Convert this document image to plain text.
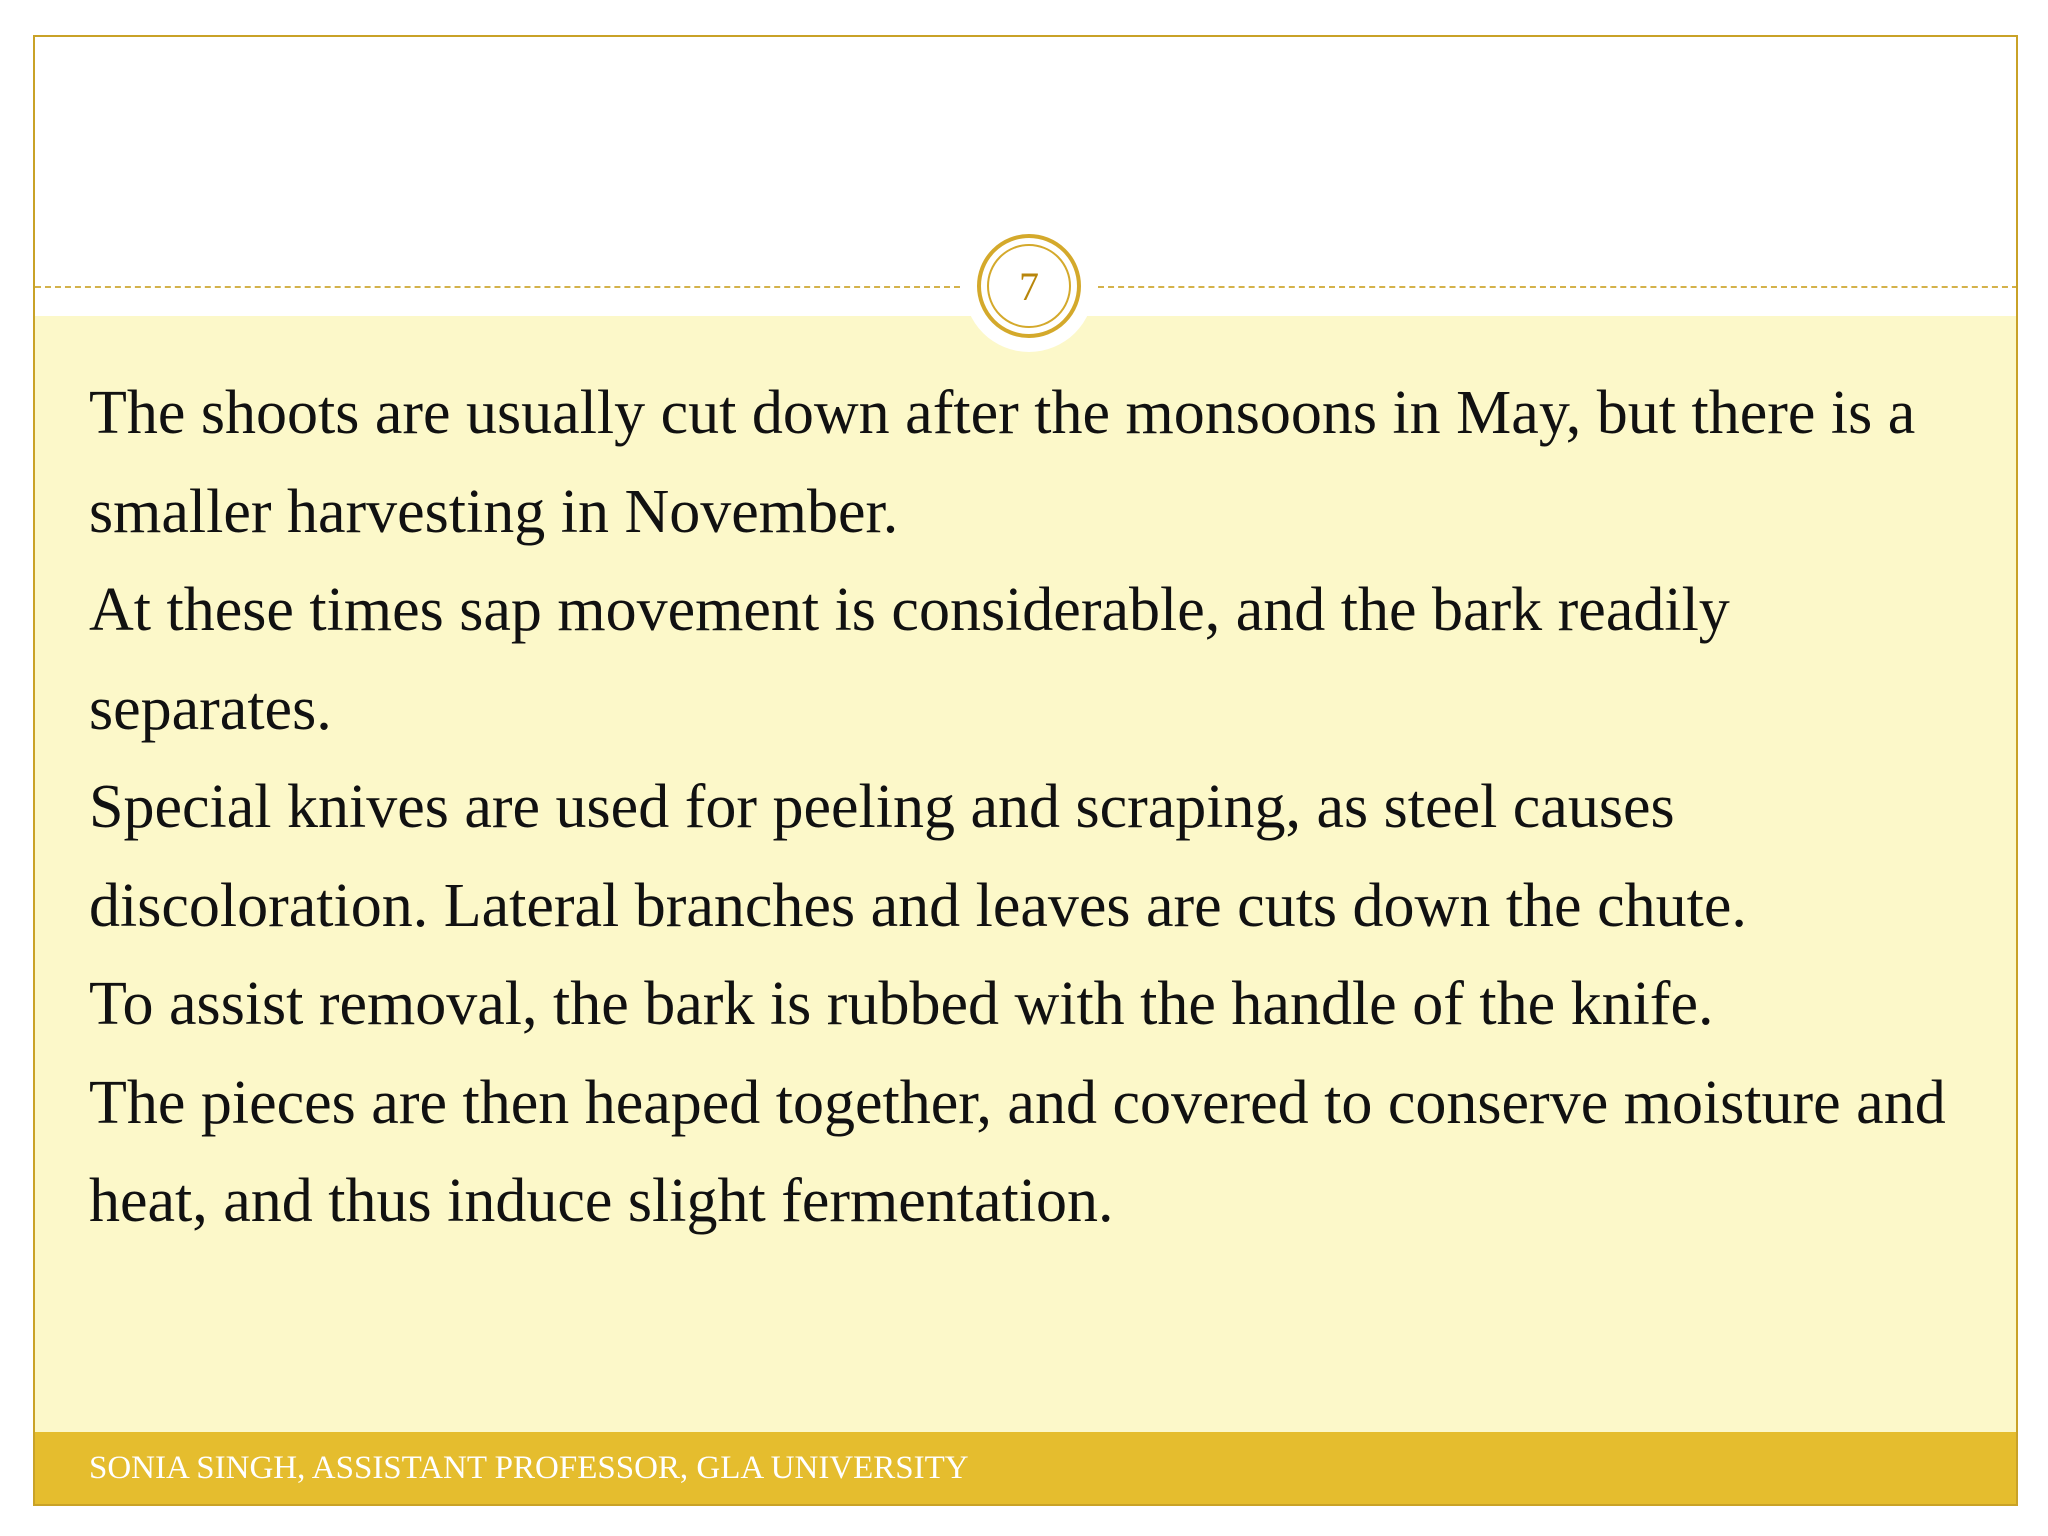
7

The shoots are usually cut down after the monsoons in May, but there is a smaller harvesting in November.

At these times sap movement is considerable, and the bark readily separates.

Special knives are used for peeling and scraping, as steel causes discoloration. Lateral branches and leaves are cuts down the chute.

To assist removal, the bark is rubbed with the handle of the knife.

The pieces are then heaped together, and covered to conserve moisture and heat, and thus induce slight fermentation.

SONIA SINGH, ASSISTANT PROFESSOR, GLA UNIVERSITY
